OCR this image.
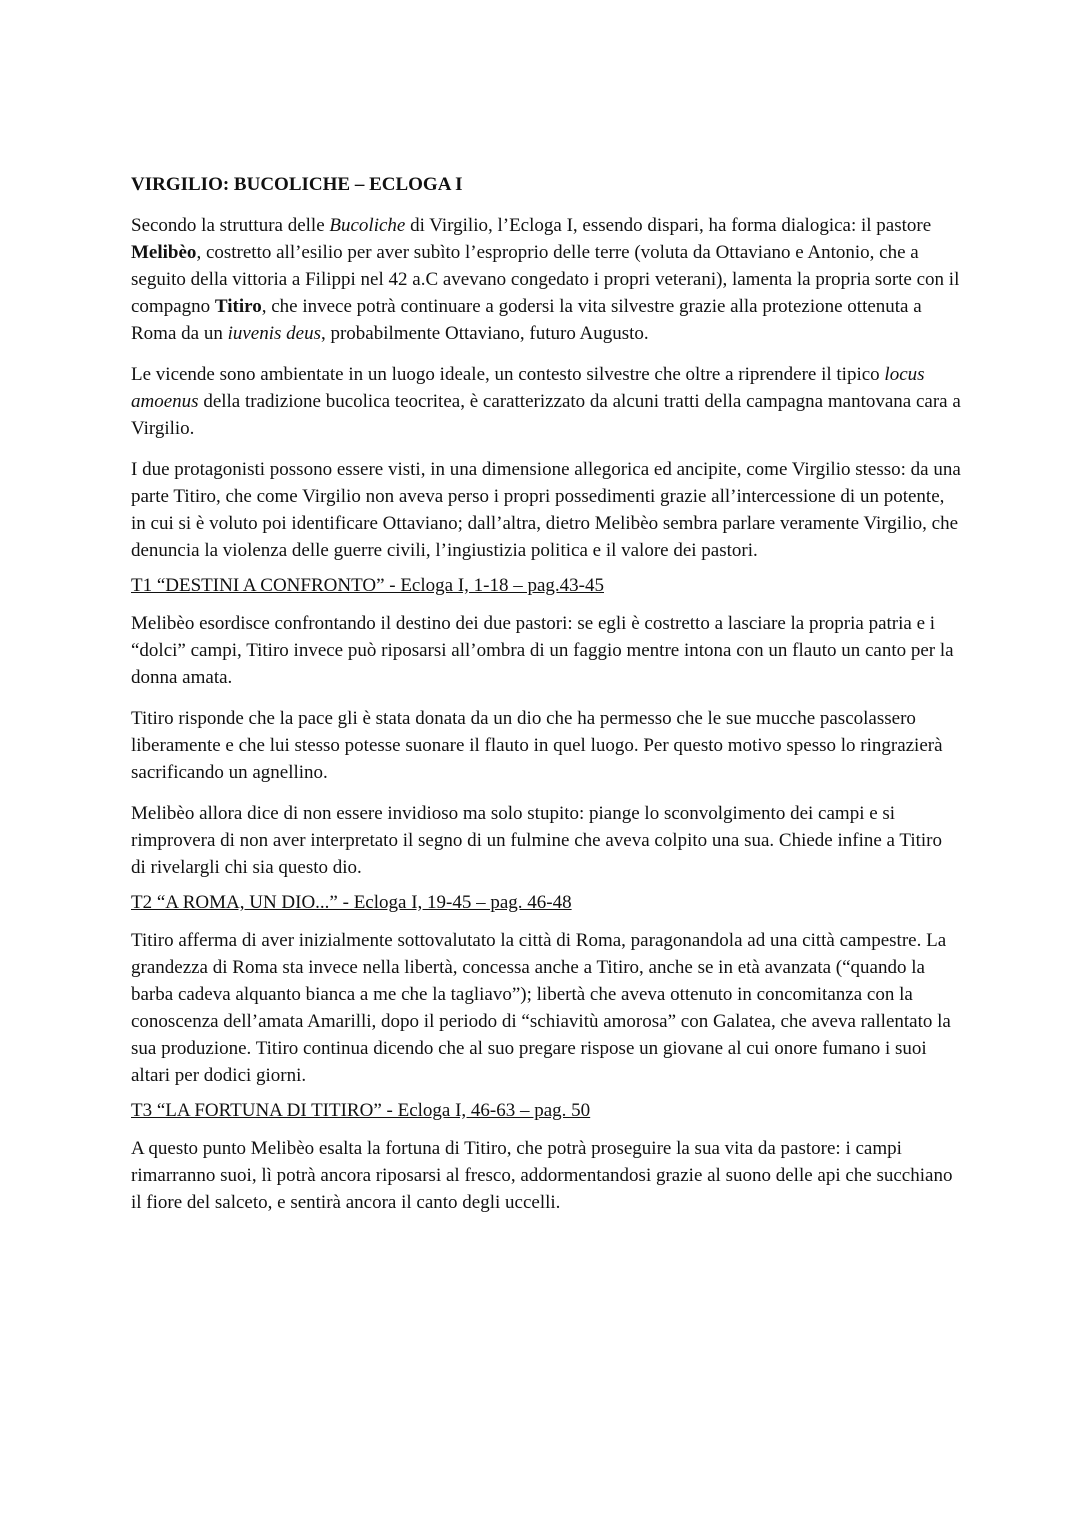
VIRGILIO: BUCOLICHE – ECLOGA I

Secondo la struttura delle Bucoliche di Virgilio, l’Ecloga I, essendo dispari, ha forma dialogica: il pastore Melibèo, costretto all’esilio per aver subìto l’esproprio delle terre (voluta da Ottaviano e Antonio, che a seguito della vittoria a Filippi nel 42 a.C avevano congedato i propri veterani), lamenta la propria sorte con il compagno Titiro, che invece potrà continuare a godersi la vita silvestre grazie alla protezione ottenuta a Roma da un iuvenis deus, probabilmente Ottaviano, futuro Augusto.

Le vicende sono ambientate in un luogo ideale, un contesto silvestre che oltre a riprendere il tipico locus amoenus della tradizione bucolica teocritea, è caratterizzato da alcuni tratti della campagna mantovana cara a Virgilio.

I due protagonisti possono essere visti, in una dimensione allegorica ed ancipite, come Virgilio stesso: da una parte Titiro, che come Virgilio non aveva perso i propri possedimenti grazie all’intercessione di un potente, in cui si è voluto poi identificare Ottaviano; dall’altra, dietro Melibèo sembra parlare veramente Virgilio, che denuncia la violenza delle guerre civili, l’ingiustizia politica e il valore dei pastori.

T1 “DESTINI A CONFRONTO” - Ecloga I, 1-18 – pag.43-45

Melibèo esordisce confrontando il destino dei due pastori: se egli è costretto a lasciare la propria patria e i “dolci” campi, Titiro invece può riposarsi all’ombra di un faggio mentre intona con un flauto un canto per la donna amata.

Titiro risponde che la pace gli è stata donata da un dio che ha permesso che le sue mucche pascolassero liberamente e che lui stesso potesse suonare il flauto in quel luogo. Per questo motivo spesso lo ringrazierà sacrificando un agnellino.

Melibèo allora dice di non essere invidioso ma solo stupito: piange lo sconvolgimento dei campi e si rimprovera di non aver interpretato il segno di un fulmine che aveva colpito una sua. Chiede infine a Titiro di rivelargli chi sia questo dio.

T2 “A ROMA, UN DIO...” - Ecloga I, 19-45 – pag. 46-48

Titiro afferma di aver inizialmente sottovalutato la città di Roma, paragonandola ad una città campestre. La grandezza di Roma sta invece nella libertà, concessa anche a Titiro, anche se in età avanzata (“quando la barba cadeva alquanto bianca a me che la tagliavo”); libertà che aveva ottenuto in concomitanza con la conoscenza dell’amata Amarilli, dopo il periodo di “schiavitù amorosa” con Galatea, che aveva rallentato la sua produzione. Titiro continua dicendo che al suo pregare rispose un giovane al cui onore fumano i suoi altari per dodici giorni.

T3 “LA FORTUNA DI TITIRO” - Ecloga I, 46-63 – pag. 50

A questo punto Melibèo esalta la fortuna di Titiro, che potrà proseguire la sua vita da pastore: i campi rimarranno suoi, lì potrà ancora riposarsi al fresco, addormentandosi grazie al suono delle api che succhiano il fiore del salceto, e sentirà ancora il canto degli uccelli.
